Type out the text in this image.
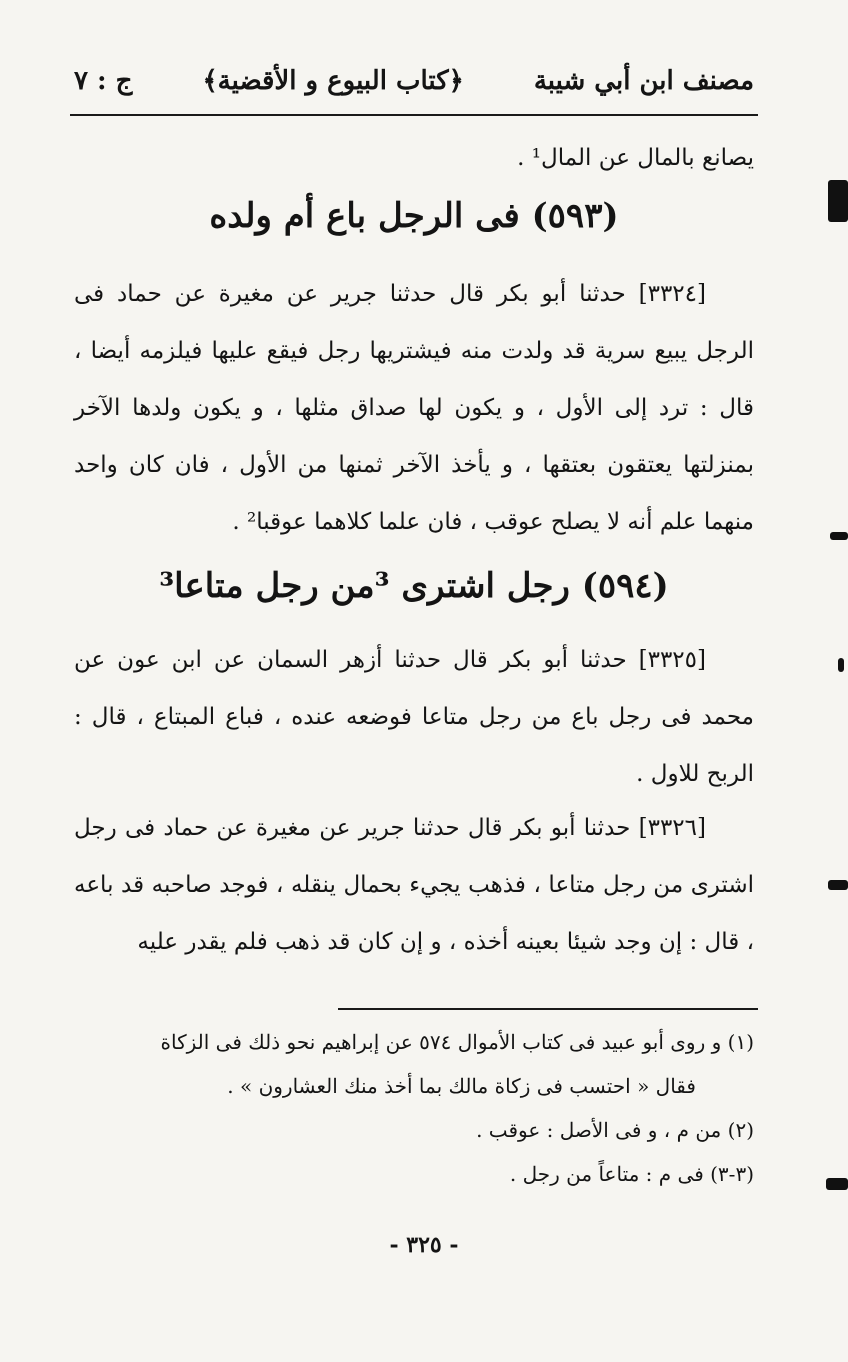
مصنف ابن أبي شيبة
﴿كتاب البيوع و الأقضية﴾
ج : ٧
يصانع بالمال عن المال¹ .
(٥٩٣) فى الرجل باع أم ولده
[٣٣٢٤] حدثنا أبو بكر قال حدثنا جرير عن مغيرة عن حماد فى الرجل يبيع سرية قد ولدت منه فيشتريها رجل فيقع عليها فيلزمه أيضا ، قال : ترد إلى الأول ، و يكون لها صداق مثلها ، و يكون ولدها الآخر بمنزلتها يعتقون بعتقها ، و يأخذ الآخر ثمنها من الأول ، فان كان واحد منهما علم أنه لا يصلح عوقب ، فان علما كلاهما عوقبا² .
(٥٩٤) رجل اشترى ³من رجل متاعا³
[٣٣٢٥] حدثنا أبو بكر قال حدثنا أزهر السمان عن ابن عون عن محمد فى رجل باع من رجل متاعا فوضعه عنده ، فباع المبتاع ، قال : الربح للاول .
[٣٣٢٦] حدثنا أبو بكر قال حدثنا جرير عن مغيرة عن حماد فى رجل اشترى من رجل متاعا ، فذهب يجيء بحمال ينقله ، فوجد صاحبه قد باعه ، قال : إن وجد شيئا بعينه أخذه ، و إن كان قد ذهب فلم يقدر عليه
(١) و روى أبو عبيد فى كتاب الأموال ٥٧٤ عن إبراهيم نحو ذلك فى الزكاة
فقال « احتسب فى زكاة مالك بما أخذ منك العشارون » .
(٢) من م ، و فى الأصل : عوقب .
(٣-٣) فى م : متاعاً من رجل .
- ٣٢٥ -
